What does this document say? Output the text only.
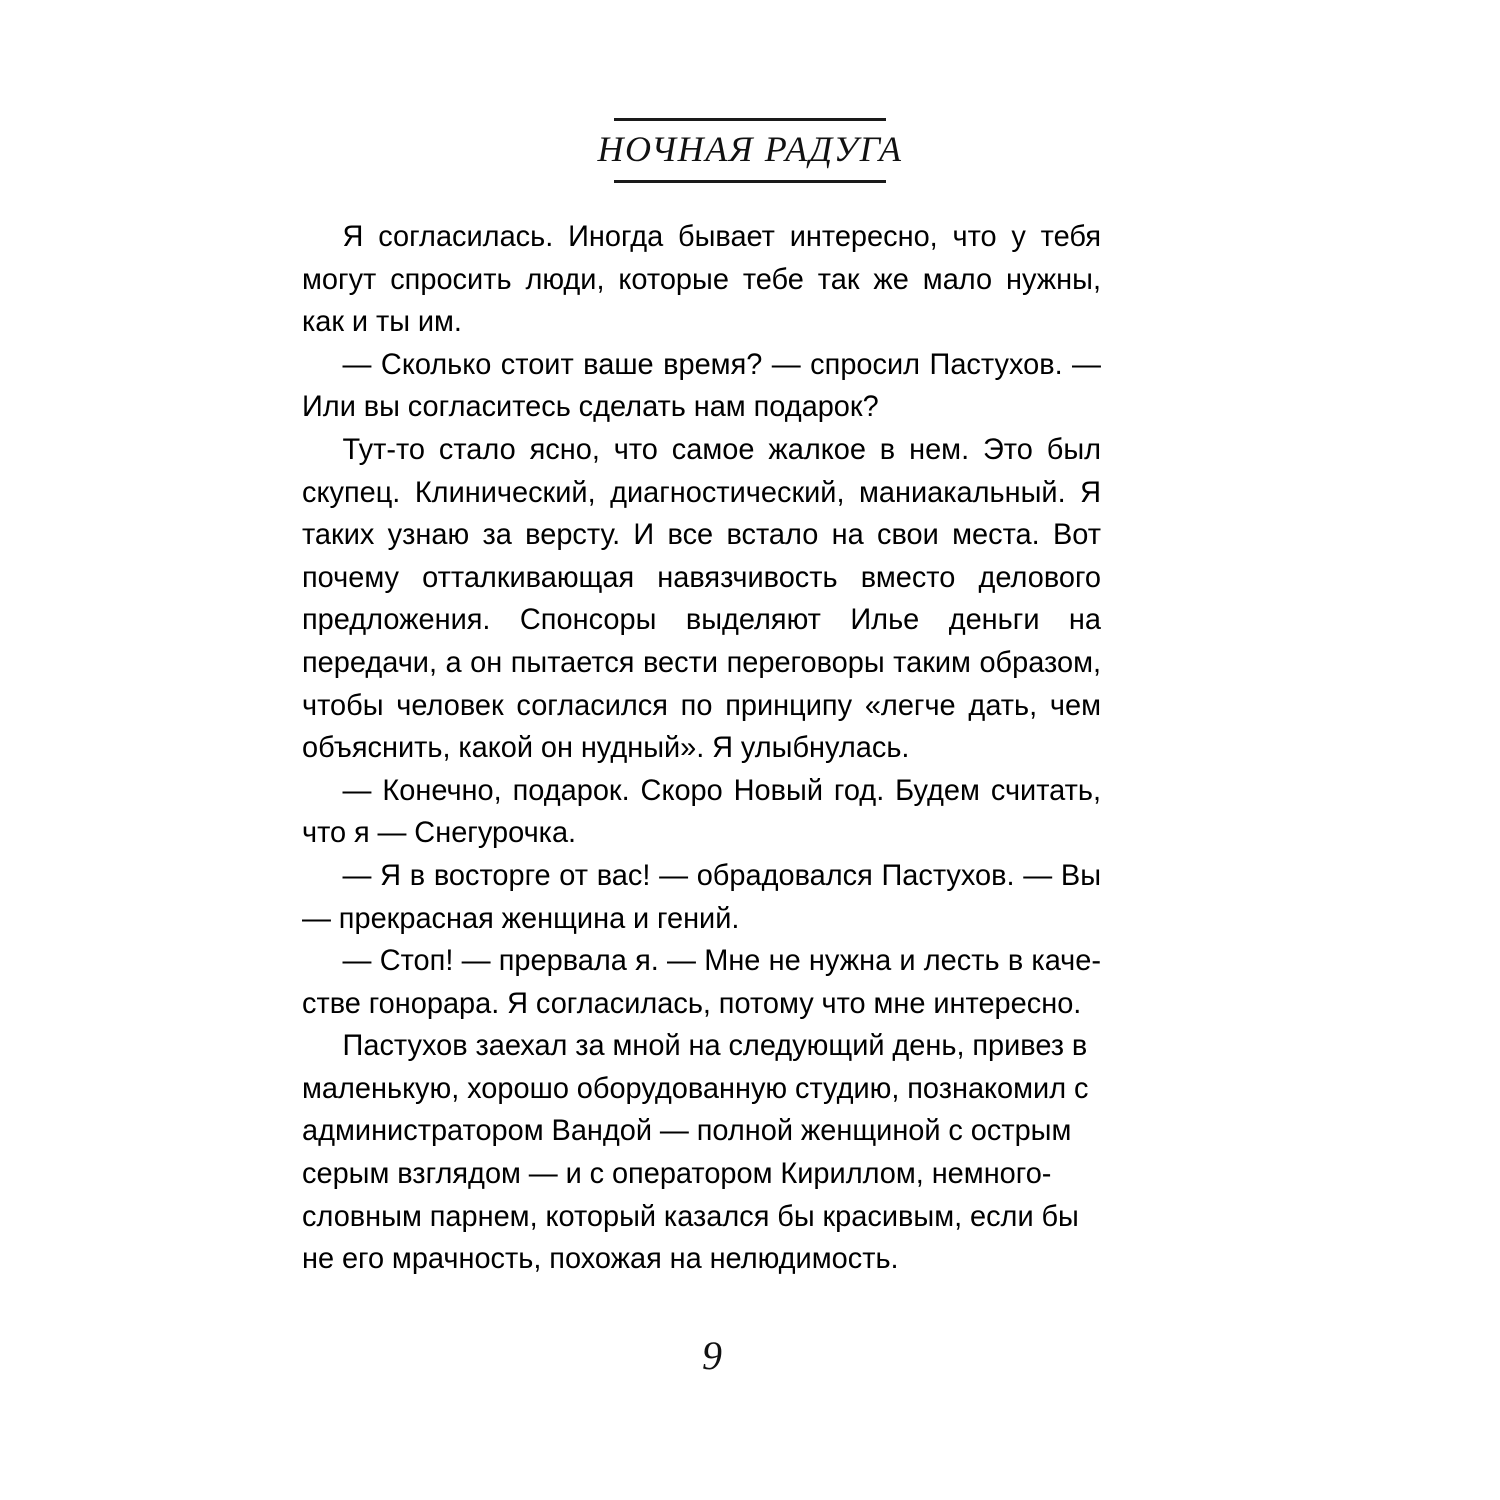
НОЧНАЯ РАДУГА

Я согласилась. Иногда бывает интересно, что у тебя могут спросить люди, которые тебе так же мало нужны, как и ты им.

— Сколько стоит ваше время? — спросил Пастухов. — Или вы согласитесь сделать нам подарок?

Тут-то стало ясно, что самое жалкое в нем. Это был скупец. Клинический, диагностический, маниакальный. Я таких узнаю за версту. И все встало на свои места. Вот почему отталкивающая навязчивость вместо делового предложения. Спонсоры выделяют Илье деньги на передачи, а он пытается вести переговоры таким образом, чтобы человек согласился по принципу «легче дать, чем объяснить, какой он нудный». Я улыбнулась.

— Конечно, подарок. Скоро Новый год. Будем считать, что я — Снегурочка.

— Я в восторге от вас! — обрадовался Пастухов. — Вы — прекрасная женщина и гений.

— Стоп! — прервала я. — Мне не нужна и лесть в качестве гонорара. Я согласилась, потому что мне интересно.

Пастухов заехал за мной на следующий день, привез в маленькую, хорошо оборудованную студию, познакомил с администратором Вандой — полной женщиной с острым серым взглядом — и с оператором Кириллом, немногословным парнем, который казался бы красивым, если бы не его мрачность, похожая на нелюдимость.

9
